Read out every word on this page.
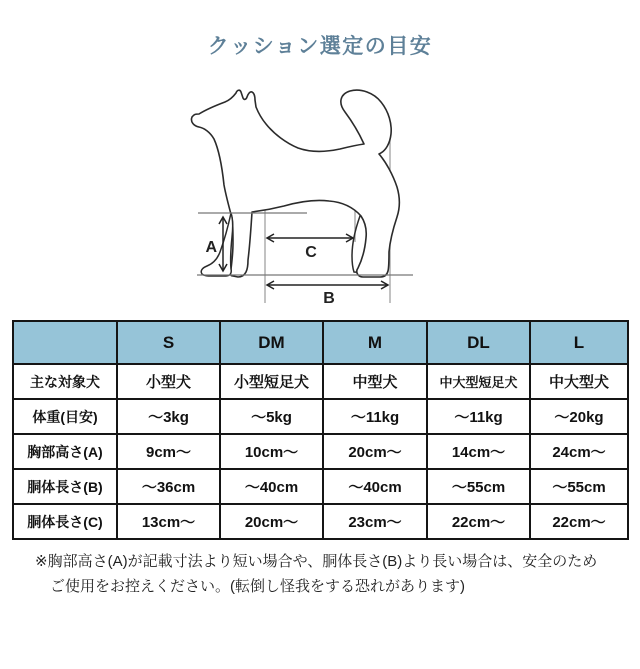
クッション選定の目安
A	C
B
	S	DM	M	DL	L
主な対象犬	小型犬	小型短足犬	中型犬	中大型短足犬	中大型犬
体重(目安)	～3kg	～5kg	～11kg	～11kg	～20kg
胸部高さ(A)	9cm～	10cm～	20cm～	14cm～	24cm～
胴体長さ(B)	～36cm	～40cm	～40cm	～55cm	～55cm
胴体長さ(C)	13cm～	20cm～	23cm～	22cm～	22cm～
※胸部高さ(A)が記載寸法より短い場合や、胴体長さ(B)より長い場合は、安全のため
ご使用をお控えください。(転倒し怪我をする恐れがあります)
